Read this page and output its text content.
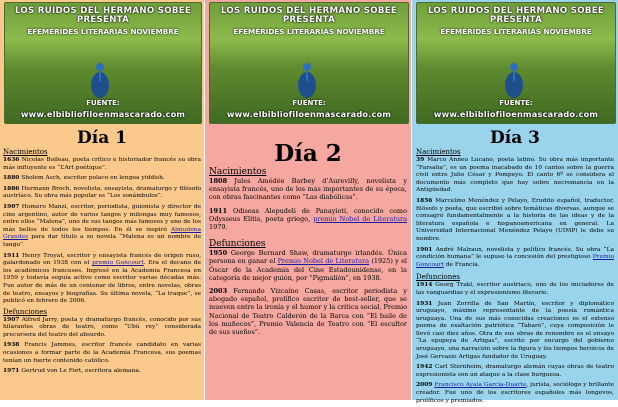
LOS RUIDOS DEL HERMANO SOBEE
PRESENTA
EFEMÉRIDES LITERARIAS NOVIEMBRE
FUENTE:
www.elbibliofiloenmascarado.com
Día 1

Nacimientos

1636 Nicolas Boileau, poeta crítico e historiador francés su obra más influyente es “L’Art poétique”.

1880 Sholem Asch, escritor polaco en lengua yiddish.

1886 Hermann Broch, novelista, ensayista, dramaturgo y filósofo austríaco. Su obra más popular es “Los sonámbulos”.

1907 Homero Manzi, escritor, periodista, guionista y director de cine argentino, autor de varios tangos y milongas muy famosos, entre ellos “Malena”, uno de sus tangos más famosos y uno de los más bellos de todos los tiempos. En él se inspiró Almudena Grandes para dar título a su novela “Malena es un nombre de tango”.

1911 Henry Troyat, escritor y ensayista francés de origen ruso, galardonado en 1938 con el premio Goncourt. Era el decano de los académicos franceses. Ingresó en la Academia Francesa en 1959 y todavía seguía activo como escritor varias décadas más. Fue autor de más de un centenar de libros, entre novelas, obras de teatro, ensayos y biografías. Su última novela, “La traque”, se publicó en febrero de 2006.

Defunciones

1907 Alfred Jarry, poeta y dramaturgo francés, conocido por sus hilarantes obras de teatro, como “Ubú rey” considerada precursora del teatro del absurdo.

1938 Francis Jammes, escritor francés candidato en varias ocasiones a formar parte de la Academia Francesa, sus poemas tenían un fuerte contenido católico.

1971 Gertrud von Le Fort, escritora alemana.

LOS RUIDOS DEL HERMANO SOBEE
PRESENTA
EFEMÉRIDES LITERARIAS NOVIEMBRE
FUENTE:
www.elbibliofiloenmascarado.com
Día 2

Nacimientos

1808 Jules Amédée Barbey d’Aurevilly, novelista y ensayista francés, uno de los más importantes de su época, con obras fascinantes como “Las diabólicas”.

1911 Odiseas Alepudeli de Panayiotí, conocido como Odysseus Elitis, poeta griego, premio Nobel de Literatura 1979.

Defunciones

1950 George Bernard Shaw, dramaturgo irlandés. Única persona en ganar el Premio Nobel de Literatura (1925) y el Óscar de la Academia del Cine Estadounidense, en la categoría de mejor guión, por “Pigmalión”, en 1938.

2003 Fernando Vizcaíno Casas, escritor periodista y abogado español, prolífico escritor de best-seller, que se mueven entre la ironía y el humor y la crítica social, Premio Nacional de Teatro Calderón de la Barca con “El baile de los muñecos”, Premio Valencia de Teatro con “El escultor de sus sueños”.

LOS RUIDOS DEL HERMANO SOBEE
PRESENTA
EFEMÉRIDES LITERARIAS NOVIEMBRE
FUENTE:
www.elbibliofiloenmascarado.com
Día 3

Nacimientos

39 Marco Anneo Lucano, poeta latino. Su obra más importante “Farsalia”, es un poema inacabado de 10 cantos sobre la guerra civil entre Julio César y Pompeyo. El canto 6º se considera el documento más completo que hay sobre necromancia en la Antigüedad.

1856 Marcelino Menéndez y Pelayo, Erudito español, traductor, filósofo y poeta, que escribió sobre temáticas diversas, aunque se consagró fundamentalmente a la historia de las ideas y de la literatura española e hispanoamericana en general. La Universidad Internacional Menéndez Pelayo (UIMP) le debe su nombre.

1901 André Malraux, novelista y político francés. Su obra “La condición humana” le supuso la concesión del prestigioso Premio Goncourt de Francia.

Defunciones

1914 Georg Trakl, escritor austriaco, uno de los iniciadores de las vanguardias y el expresionismo literario.

1931 Juan Zorrilla de San Martín, escritor y diplomático uruguayo, máximo representante de la poesía romántica uruguaya. Una de sus más conocidas creaciones es el extenso poema de exaltación patriótica “Tabaré”, cuya composición le llevó casi diez años. Otra de sus obras de renombre es el ensayo “La epopeya de Artigas”, escrito por encargo del gobierno uruguayo, una narración sobre la figura y los tiempos heroicos de José Gervasio Artigas fundador de Uruguay.

1942 Carl Sternheim, dramaturgo alemán cuyas obras de teatro expresionista son un ataque a la clase burguesa.

2009 Francisco Ayala García-Duarte, jurista, sociólogo y brillante creador. Fue uno de los escritores españoles más longevos, prolíficos y premiados.
